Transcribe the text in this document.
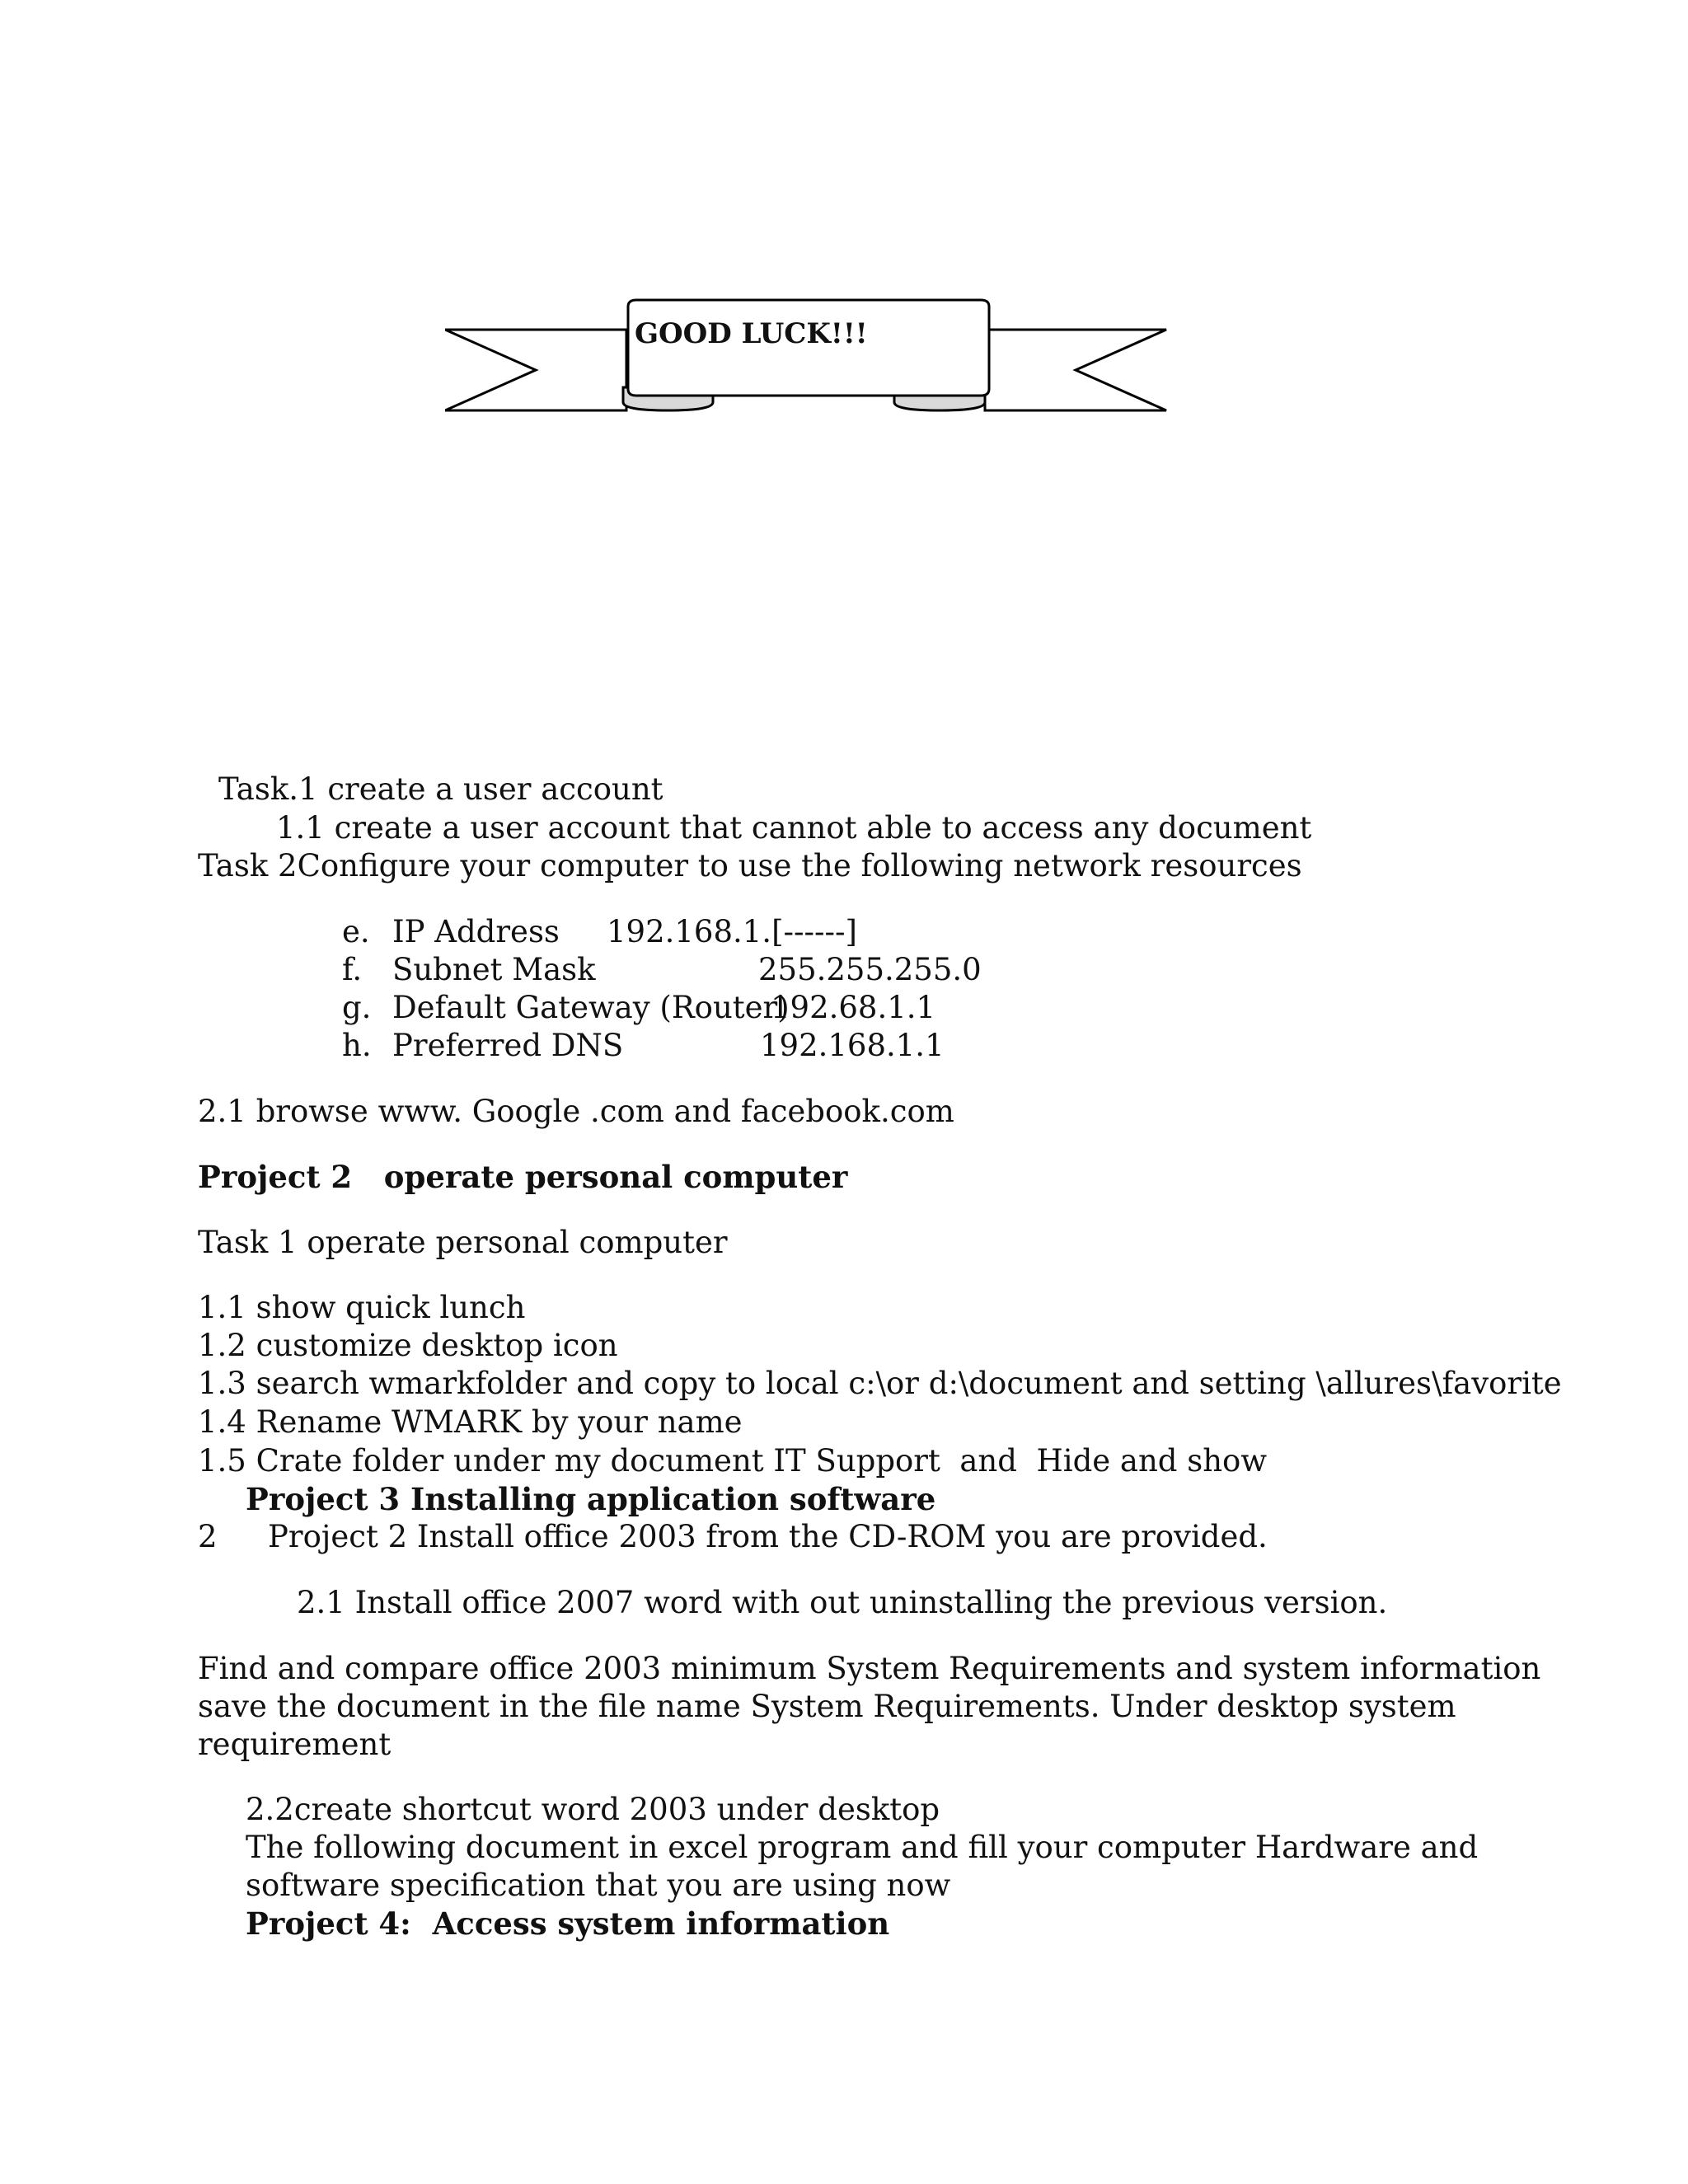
GOOD LUCK!!!
Task.1 create a user account
1.1 create a user account that cannot able to access any document
Task 2Configure your computer to use the following network resources
e. IP Address 192.168.1.[------]
f. Subnet Mask	255.255.255.0
g. Default Gateway (Router)
192.68.1.1
h. Preferred DNS	192.168.1.1
2.1 browse www. Google .com and facebook.com
Project 2   operate personal computer
Task 1 operate personal computer
1.1 show quick lunch
1.2 customize desktop icon
1.3 search wmarkfolder and copy to local c:\or d:\document and setting \allures\favorite
1.4 Rename WMARK by your name
1.5 Crate folder under my document IT Support  and  Hide and show
Project 3 Installing application software
2 Project 2 Install office 2003 from the CD-ROM you are provided.
2.1 Install office 2007 word with out uninstalling the previous version.
Find and compare office 2003 minimum System Requirements and system information
save the document in the file name System Requirements. Under desktop system
requirement
2.2create shortcut word 2003 under desktop
The following document in excel program and fill your computer Hardware and
software specification that you are using now
Project 4:  Access system information
